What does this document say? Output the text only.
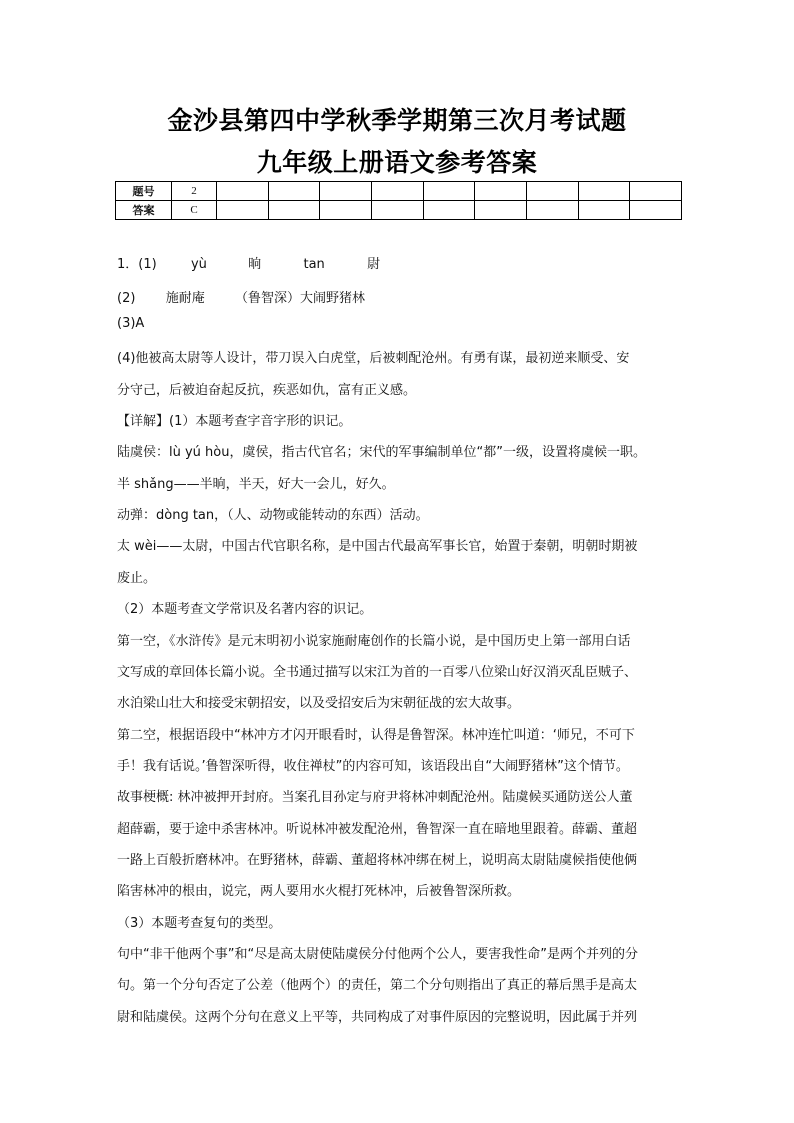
金沙县第四中学秋季学期第三次月考试题
九年级上册语文参考答案
题号	2									
答案	C									
1．(1)	yù	晌	tan	尉
(2) 施耐庵 （鲁智深）大闹野猪林
(3)A
(4)他被高太尉等人设计，带刀误入白虎堂，后被刺配沧州。有勇有谋，最初逆来顺受、安
分守己，后被迫奋起反抗，疾恶如仇，富有正义感。
【详解】(1）本题考查字音字形的识记。
陆虞侯：lù yú hòu，虞侯，指古代官名；宋代的军事编制单位“都”一级，设置将虞候一职。
半 shǎng——半晌，半天，好大一会儿，好久。
动弹：dòng tan，（人、动物或能转动的东西）活动。
太 wèi——太尉，中国古代官职名称，是中国古代最高军事长官，始置于秦朝，明朝时期被
废止。
（2）本题考查文学常识及名著内容的识记。
第一空，《水浒传》是元末明初小说家施耐庵创作的长篇小说，是中国历史上第一部用白话
文写成的章回体长篇小说。全书通过描写以宋江为首的一百零八位梁山好汉消灭乱臣贼子、
水泊梁山壮大和接受宋朝招安，以及受招安后为宋朝征战的宏大故事。
第二空，根据语段中“林冲方才闪开眼看时，认得是鲁智深。林冲连忙叫道：‘师兄，不可下
手！我有话说。’鲁智深听得，收住禅杖”的内容可知，该语段出自“大闹野猪林”这个情节。
故事梗概: 林冲被押开封府。当案孔目孙定与府尹将林冲刺配沧州。陆虞候买通防送公人董
超薛霸，要于途中杀害林冲。听说林冲被发配沧州，鲁智深一直在暗地里跟着。薛霸、董超
一路上百般折磨林冲。在野猪林，薛霸、董超将林冲绑在树上，说明高太尉陆虞候指使他俩
陷害林冲的根由，说完，两人要用水火棍打死林冲，后被鲁智深所救。
（3）本题考查复句的类型。
句中“非干他两个事”和“尽是高太尉使陆虞侯分付他两个公人，要害我性命”是两个并列的分
句。第一个分句否定了公差（他两个）的责任，第二个分句则指出了真正的幕后黑手是高太
尉和陆虞侯。这两个分句在意义上平等，共同构成了对事件原因的完整说明，因此属于并列
